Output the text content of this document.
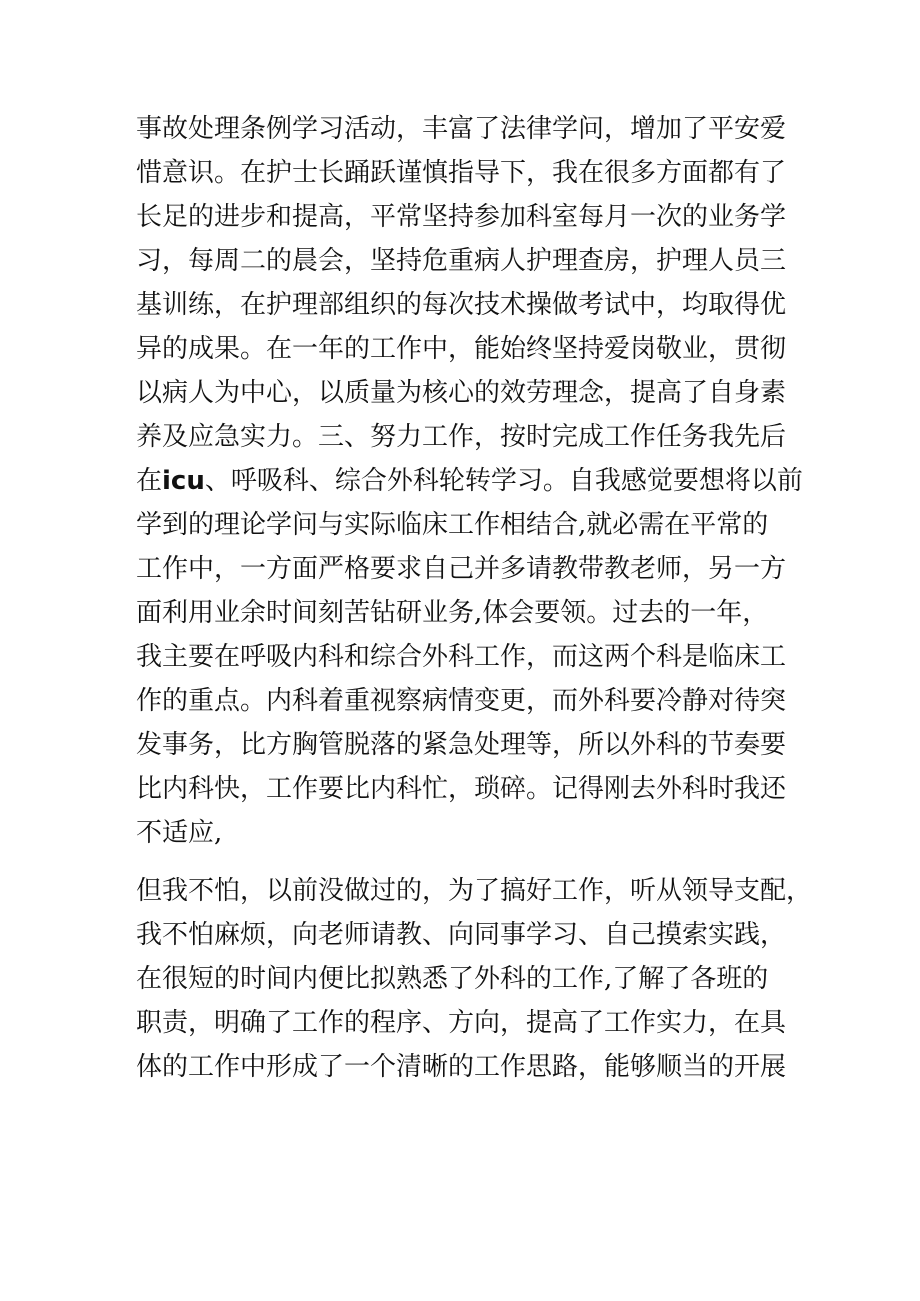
事故处理条例学习活动，丰富了法律学问，增加了平安爱
惜意识。在护士长踊跃谨慎指导下，我在很多方面都有了
长足的进步和提高，平常坚持参加科室每月一次的业务学
习，每周二的晨会，坚持危重病人护理查房，护理人员三
基训练，在护理部组织的每次技术操做考试中，均取得优
异的成果。在一年的工作中，能始终坚持爱岗敬业，贯彻
以病人为中心，以质量为核心的效劳理念，提高了自身素
养及应急实力。三、努力工作，按时完成工作任务我先后
在icu、呼吸科、综合外科轮转学习。自我感觉要想将以前
学到的理论学问与实际临床工作相结合,就必需在平常的
工作中，一方面严格要求自己并多请教带教老师，另一方
面利用业余时间刻苦钻研业务,体会要领。过去的一年，
我主要在呼吸内科和综合外科工作，而这两个科是临床工
作的重点。内科着重视察病情变更，而外科要冷静对待突
发事务，比方胸管脱落的紧急处理等，所以外科的节奏要
比内科快，工作要比内科忙，琐碎。记得刚去外科时我还
不适应,
但我不怕，以前没做过的，为了搞好工作，听从领导支配，
我不怕麻烦，向老师请教、向同事学习、自己摸索实践，
在很短的时间内便比拟熟悉了外科的工作,了解了各班的
职责，明确了工作的程序、方向，提高了工作实力，在具
体的工作中形成了一个清晰的工作思路，能够顺当的开展
